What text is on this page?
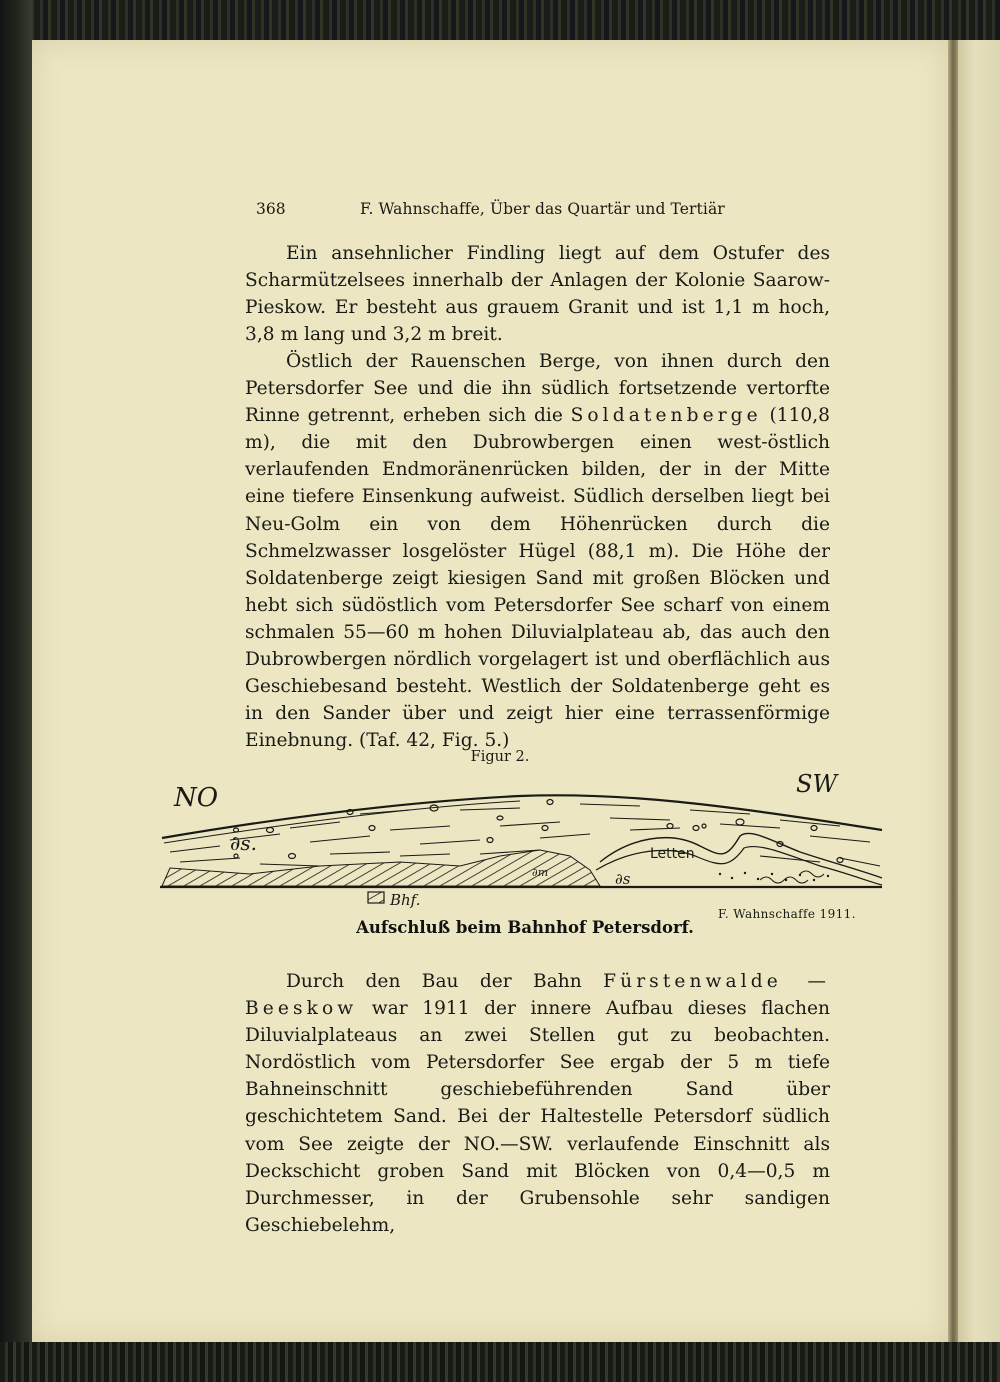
368	F. Wahnschaffe, Über das Quartär und Tertiär

Ein ansehnlicher Findling liegt auf dem Ostufer des Scharmützelsees innerhalb der Anlagen der Kolonie Saarow-Pieskow. Er besteht aus grauem Granit und ist 1,1 m hoch, 3,8 m lang und 3,2 m breit.

Östlich der Rauenschen Berge, von ihnen durch den Petersdorfer See und die ihn südlich fortsetzende vertorfte Rinne getrennt, erheben sich die Soldatenberge (110,8 m), die mit den Dubrowbergen einen west-östlich verlaufenden Endmoränenrücken bilden, der in der Mitte eine tiefere Einsenkung aufweist. Südlich derselben liegt bei Neu-Golm ein von dem Höhenrücken durch die Schmelzwasser losgelöster Hügel (88,1 m). Die Höhe der Soldatenberge zeigt kiesigen Sand mit großen Blöcken und hebt sich südöstlich vom Petersdorfer See scharf von einem schmalen 55—60 m hohen Diluvialplateau ab, das auch den Dubrowbergen nördlich vorgelagert ist und oberflächlich aus Geschiebesand besteht. Westlich der Soldatenberge geht es in den Sander über und zeigt hier eine terrassenförmige Einebnung. (Taf. 42, Fig. 5.)

Figur 2.
NO	SW
∂s.	Letten
∂m	∂s
Bhf.
F. Wahnschaffe 1911.
Aufschluß beim Bahnhof Petersdorf.

Durch den Bau der Bahn Fürstenwalde — Beeskow war 1911 der innere Aufbau dieses flachen Diluvialplateaus an zwei Stellen gut zu beobachten. Nordöstlich vom Petersdorfer See ergab der 5 m tiefe Bahneinschnitt geschiebeführenden Sand über geschichtetem Sand. Bei der Haltestelle Petersdorf südlich vom See zeigte der NO.—SW. verlaufende Einschnitt als Deckschicht groben Sand mit Blöcken von 0,4—0,5 m Durchmesser, in der Grubensohle sehr sandigen Geschiebelehm,
